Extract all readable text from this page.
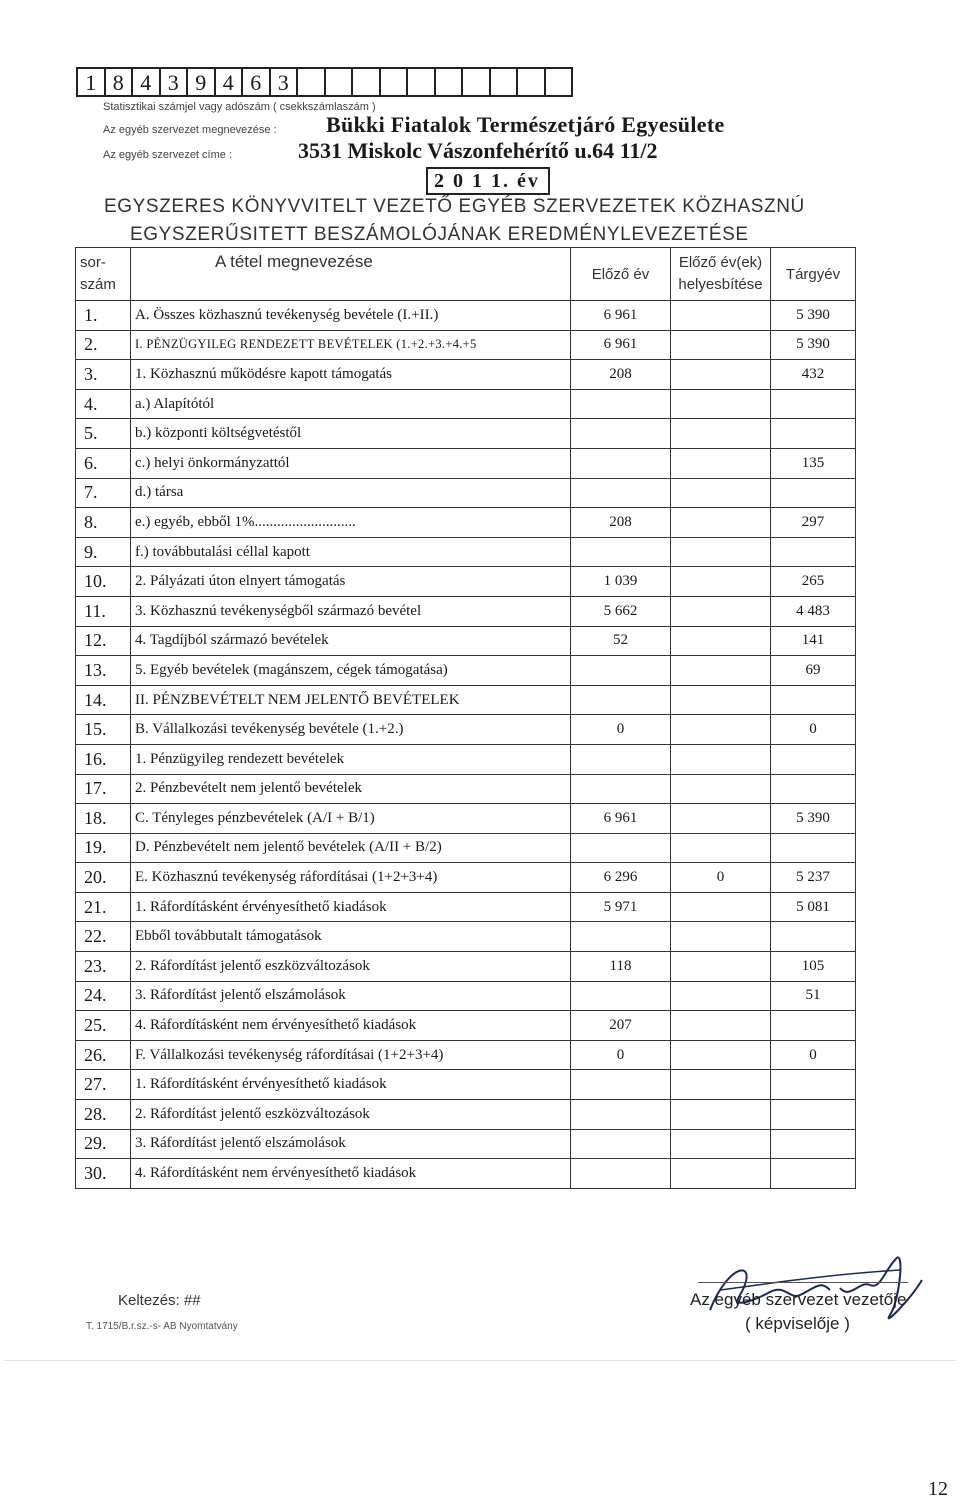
1 8 4 3 9 4 6 3
Statisztikai számjel vagy adószám ( csekkszámlaszám )
Az egyéb szervezet megnevezése : Bükki Fiatalok Természetjáró Egyesülete
Az egyéb szervezet címe :	3531 Miskolc Vászonfehérítő u.64 11/2
2 0 1 1. év
EGYSZERES KÖNYVVITELT VEZETŐ EGYÉB SZERVEZETEK KÖZHASZNÚ
EGYSZERŰSITETT BESZÁMOLÓJÁNAK EREDMÉNYLEVEZETÉSE
sor-
szám	A tétel megnevezése	Előző év	Előző év(ek)
helyesbítése	Tárgyév
1.	A. Összes közhasznú tevékenység bevétele (I.+II.)	6 961		5 390
2.	I. PÉNZÜGYILEG RENDEZETT BEVÉTELEK (1.+2.+3.+4.+5	6 961		5 390
3.	1. Közhasznú működésre kapott támogatás	208		432
4.	a.) Alapítótól			
5.	b.) központi költségvetéstől			
6.	c.) helyi önkormányzattól			135
7.	d.) társa			
8.	e.) egyéb, ebből 1%...........................	208		297
9.	f.) továbbutalási céllal kapott			
10.	2. Pályázati úton elnyert támogatás	1 039		265
11.	3. Közhasznú tevékenységből származó bevétel	5 662		4 483
12.	4. Tagdíjból származó bevételek	52		141
13.	5. Egyéb bevételek (magánszem, cégek támogatása)			69
14.	II. PÉNZBEVÉTELT NEM JELENTŐ BEVÉTELEK			
15.	B. Vállalkozási tevékenység bevétele (1.+2.)	0		0
16.	1. Pénzügyileg rendezett bevételek			
17.	2. Pénzbevételt nem jelentő bevételek			
18.	C. Tényleges pénzbevételek (A/I + B/1)	6 961		5 390
19.	D. Pénzbevételt nem jelentő bevételek (A/II + B/2)			
20.	E. Közhasznú tevékenység ráfordításai (1+2+3+4)	6 296	0	5 237
21.	1. Ráfordításként érvényesíthető kiadások	5 971		5 081
22.	Ebből továbbutalt támogatások			
23.	2. Ráfordítást jelentő eszközváltozások	118		105
24.	3. Ráfordítást jelentő elszámolások			51
25.	4. Ráfordításként nem érvényesíthető kiadások	207		
26.	F. Vállalkozási tevékenység ráfordításai (1+2+3+4)	0		0
27.	1. Ráfordításként érvényesíthető kiadások			
28.	2. Ráfordítást jelentő eszközváltozások			
29.	3. Ráfordítást jelentő elszámolások			
30.	4. Ráfordításként nem érvényesíthető kiadások			
Keltezés: ##
T. 1715/B.r.sz.-s- AB Nyomtatvány
Az egyéb szervezet vezetője
( képviselője )
12
